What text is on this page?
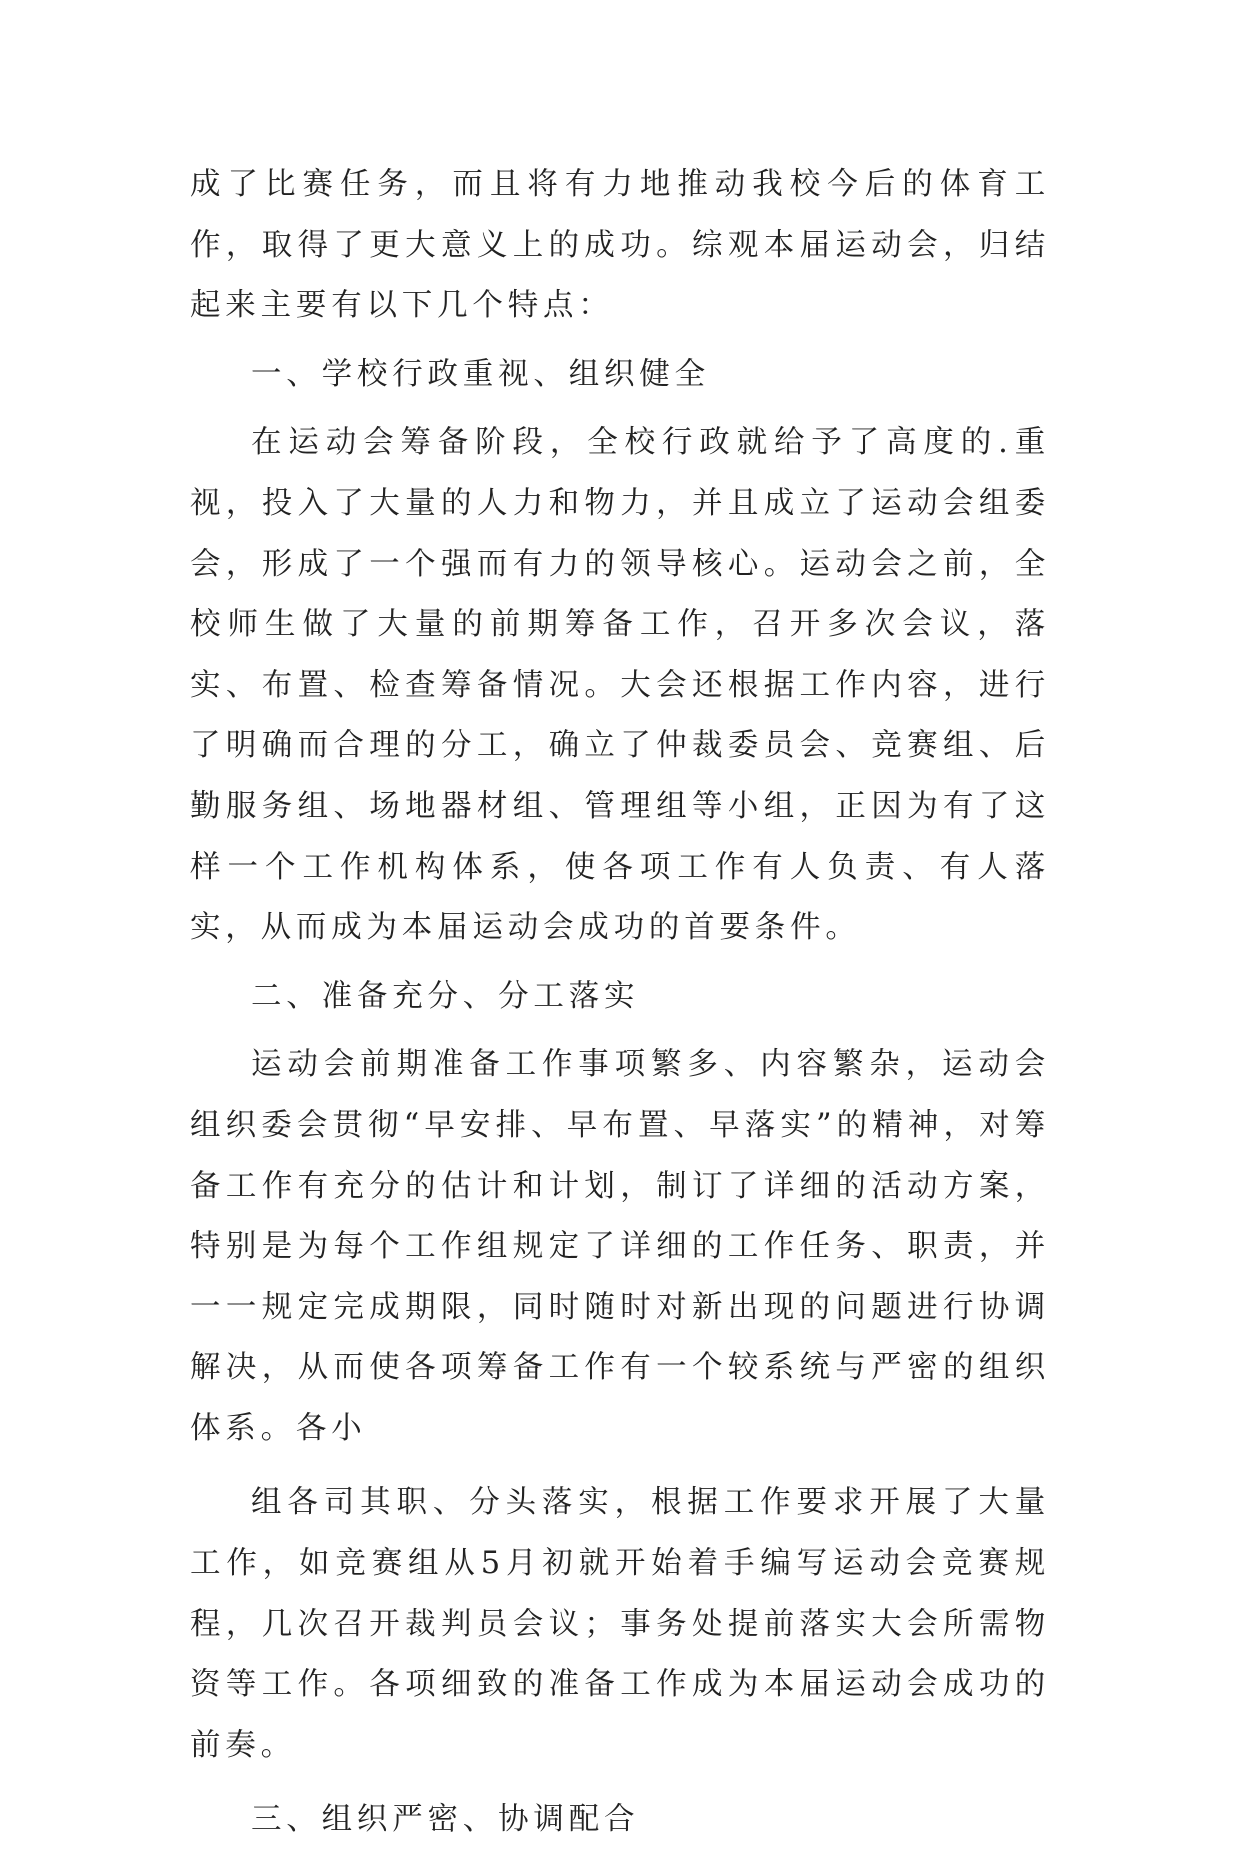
成了比赛任务，而且将有力地推动我校今后的体育工作，取得了更大意义上的成功。综观本届运动会，归结起来主要有以下几个特点：

一、学校行政重视、组织健全

在运动会筹备阶段，全校行政就给予了高度的.重视，投入了大量的人力和物力，并且成立了运动会组委会，形成了一个强而有力的领导核心。运动会之前，全校师生做了大量的前期筹备工作，召开多次会议，落实、布置、检查筹备情况。大会还根据工作内容，进行了明确而合理的分工，确立了仲裁委员会、竞赛组、后勤服务组、场地器材组、管理组等小组，正因为有了这样一个工作机构体系，使各项工作有人负责、有人落实，从而成为本届运动会成功的首要条件。

二、准备充分、分工落实

运动会前期准备工作事项繁多、内容繁杂，运动会组织委会贯彻“早安排、早布置、早落实”的精神，对筹备工作有充分的估计和计划，制订了详细的活动方案，特别是为每个工作组规定了详细的工作任务、职责，并一一规定完成期限，同时随时对新出现的问题进行协调解决，从而使各项筹备工作有一个较系统与严密的组织体系。各小

组各司其职、分头落实，根据工作要求开展了大量工作，如竞赛组从5月初就开始着手编写运动会竞赛规程，几次召开裁判员会议；事务处提前落实大会所需物资等工作。各项细致的准备工作成为本届运动会成功的前奏。

三、组织严密、协调配合
